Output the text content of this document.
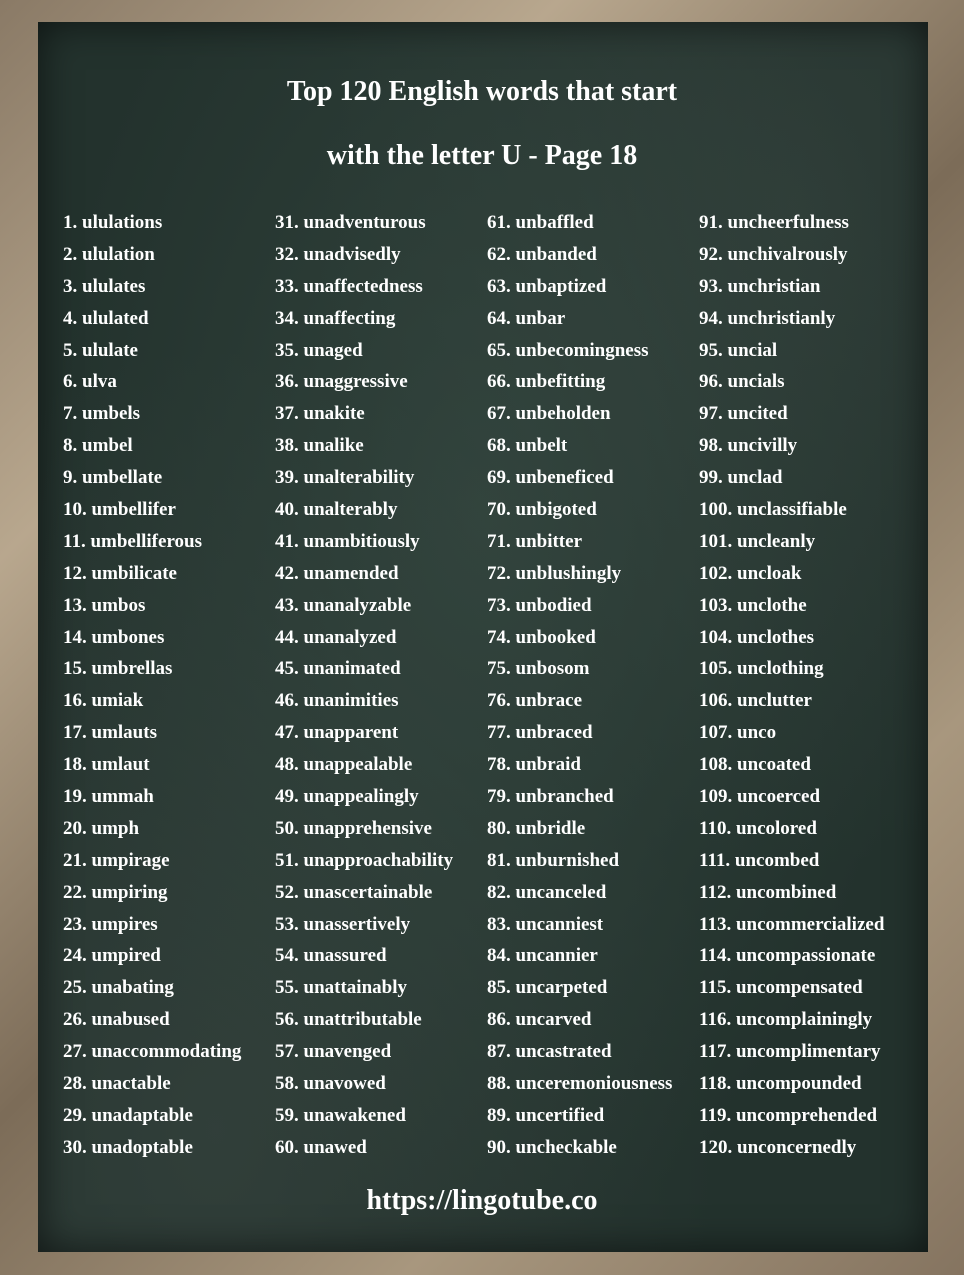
Top 120 English words that start
with the letter U - Page 18
1. ululations
2. ululation
3. ululates
4. ululated
5. ululate
6. ulva
7. umbels
8. umbel
9. umbellate
10. umbellifer
11. umbelliferous
12. umbilicate
13. umbos
14. umbones
15. umbrellas
16. umiak
17. umlauts
18. umlaut
19. ummah
20. umph
21. umpirage
22. umpiring
23. umpires
24. umpired
25. unabating
26. unabused
27. unaccommodating
28. unactable
29. unadaptable
30. unadoptable
31. unadventurous
32. unadvisedly
33. unaffectedness
34. unaffecting
35. unaged
36. unaggressive
37. unakite
38. unalike
39. unalterability
40. unalterably
41. unambitiously
42. unamended
43. unanalyzable
44. unanalyzed
45. unanimated
46. unanimities
47. unapparent
48. unappealable
49. unappealingly
50. unapprehensive
51. unapproachability
52. unascertainable
53. unassertively
54. unassured
55. unattainably
56. unattributable
57. unavenged
58. unavowed
59. unawakened
60. unawed
61. unbaffled
62. unbanded
63. unbaptized
64. unbar
65. unbecomingness
66. unbefitting
67. unbeholden
68. unbelt
69. unbeneficed
70. unbigoted
71. unbitter
72. unblushingly
73. unbodied
74. unbooked
75. unbosom
76. unbrace
77. unbraced
78. unbraid
79. unbranched
80. unbridle
81. unburnished
82. uncanceled
83. uncanniest
84. uncannier
85. uncarpeted
86. uncarved
87. uncastrated
88. unceremoniousness
89. uncertified
90. uncheckable
91. uncheerfulness
92. unchivalrously
93. unchristian
94. unchristianly
95. uncial
96. uncials
97. uncited
98. uncivilly
99. unclad
100. unclassifiable
101. uncleanly
102. uncloak
103. unclothe
104. unclothes
105. unclothing
106. unclutter
107. unco
108. uncoated
109. uncoerced
110. uncolored
111. uncombed
112. uncombined
113. uncommercialized
114. uncompassionate
115. uncompensated
116. uncomplainingly
117. uncomplimentary
118. uncompounded
119. uncomprehended
120. unconcernedly
https://lingotube.co
